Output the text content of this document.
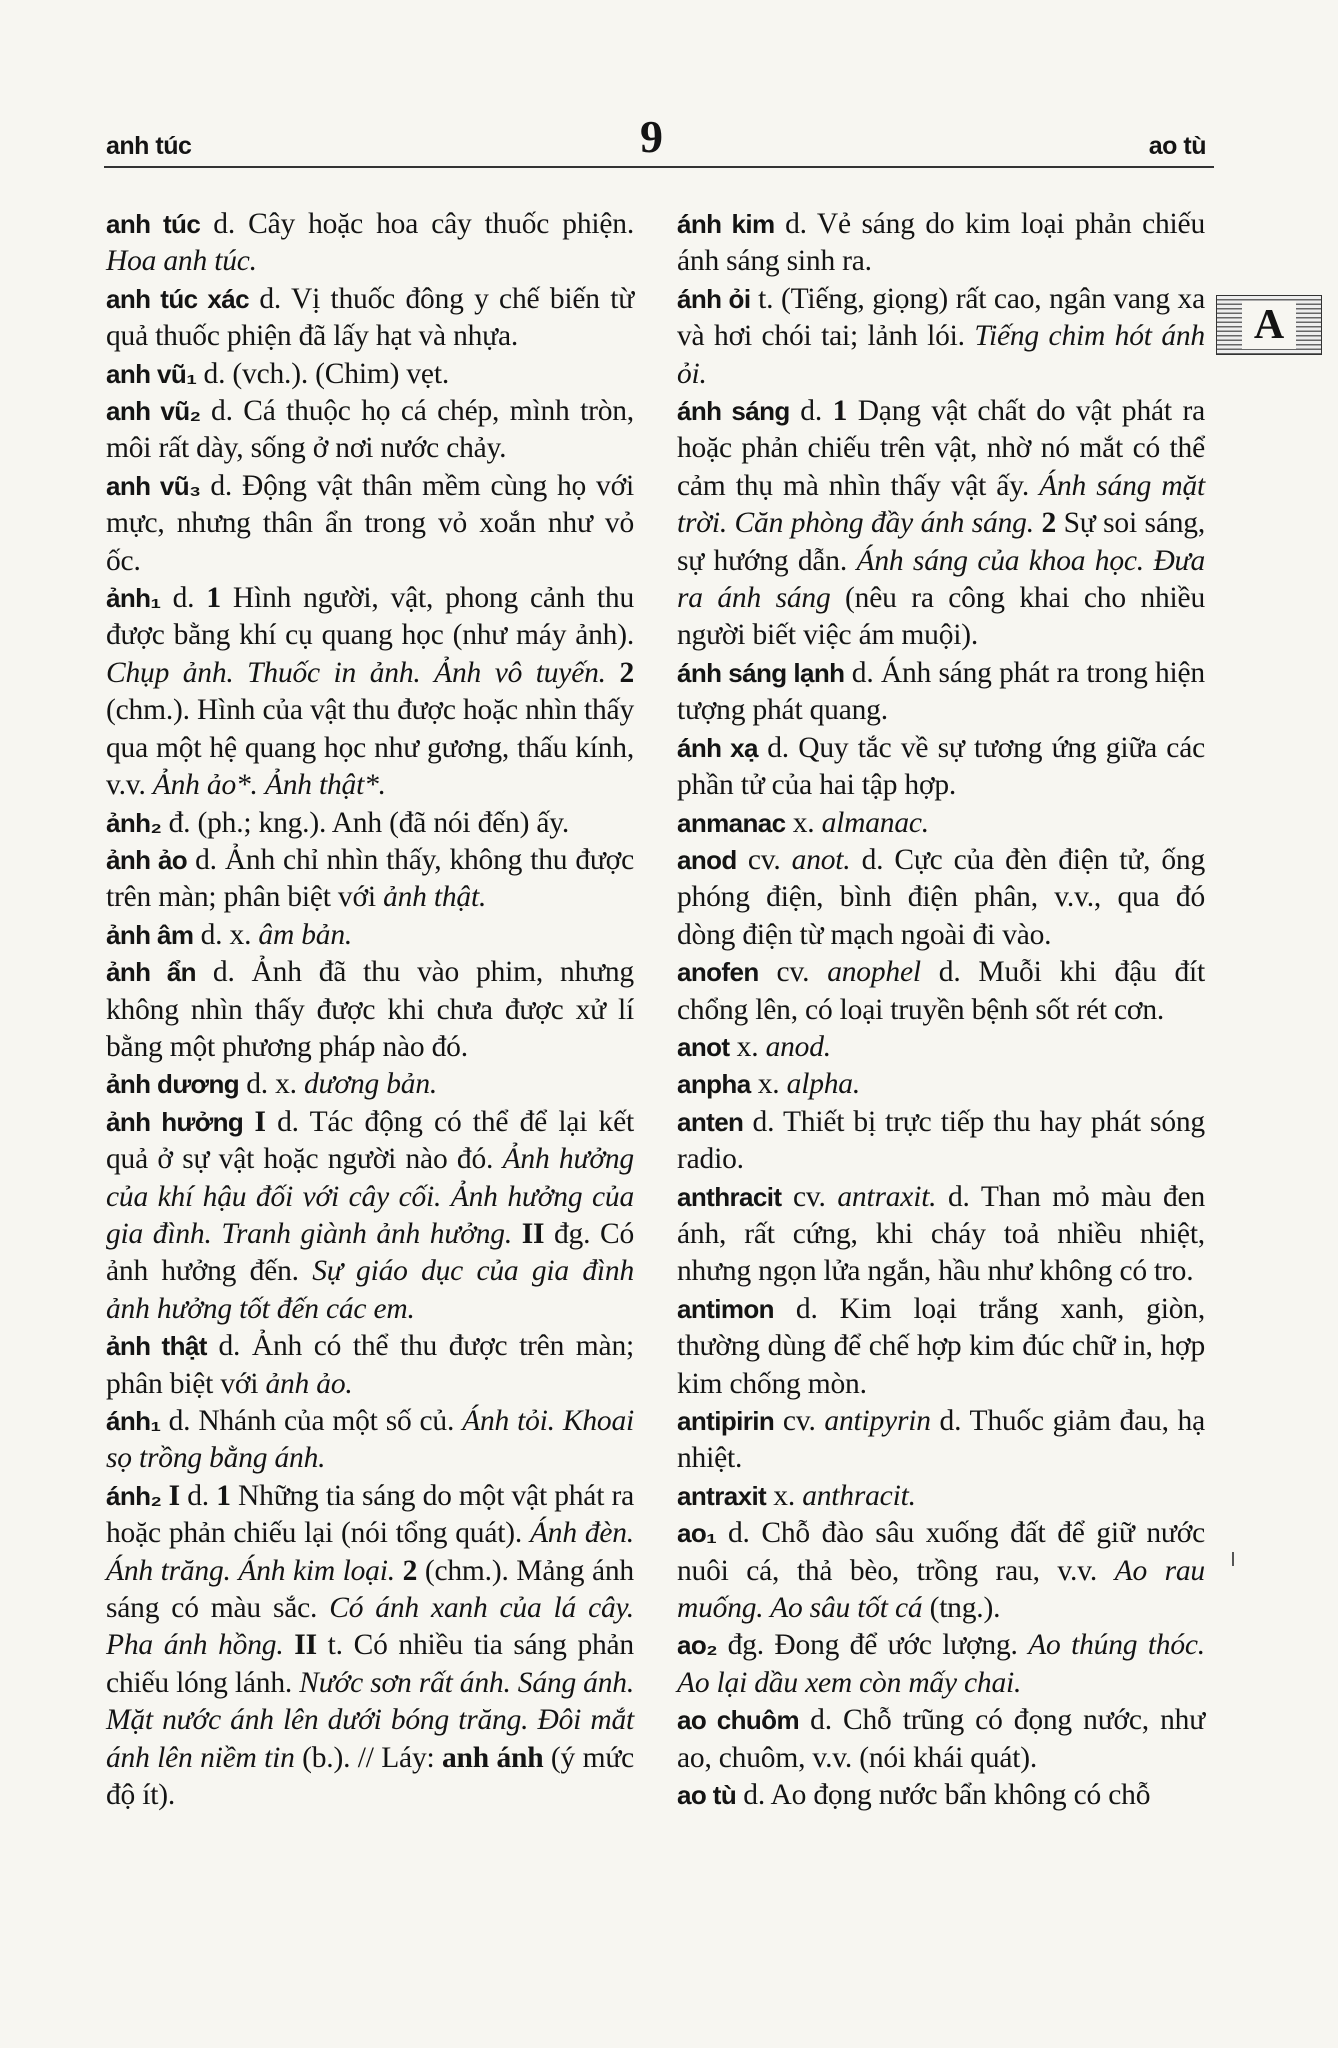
anh túc	9	ao tù

anh túc d. Cây hoặc hoa cây thuốc phiện. Hoa anh túc.

anh túc xác d. Vị thuốc đông y chế biến từ quả thuốc phiện đã lấy hạt và nhựa.

anh vũ₁ d. (vch.). (Chim) vẹt.

anh vũ₂ d. Cá thuộc họ cá chép, mình tròn, môi rất dày, sống ở nơi nước chảy.

anh vũ₃ d. Động vật thân mềm cùng họ với mực, nhưng thân ẩn trong vỏ xoắn như vỏ ốc.

ảnh₁ d. 1 Hình người, vật, phong cảnh thu được bằng khí cụ quang học (như máy ảnh). Chụp ảnh. Thuốc in ảnh. Ảnh vô tuyến. 2 (chm.). Hình của vật thu được hoặc nhìn thấy qua một hệ quang học như gương, thấu kính, v.v. Ảnh ảo*. Ảnh thật*.

ảnh₂ đ. (ph.; kng.). Anh (đã nói đến) ấy.

ảnh ảo d. Ảnh chỉ nhìn thấy, không thu được trên màn; phân biệt với ảnh thật.

ảnh âm d. x. âm bản.

ảnh ẩn d. Ảnh đã thu vào phim, nhưng không nhìn thấy được khi chưa được xử lí bằng một phương pháp nào đó.

ảnh dương d. x. dương bản.

ảnh hưởng I d. Tác động có thể để lại kết quả ở sự vật hoặc người nào đó. Ảnh hưởng của khí hậu đối với cây cối. Ảnh hưởng của gia đình. Tranh giành ảnh hưởng. II đg. Có ảnh hưởng đến. Sự giáo dục của gia đình ảnh hưởng tốt đến các em.

ảnh thật d. Ảnh có thể thu được trên màn; phân biệt với ảnh ảo.

ánh₁ d. Nhánh của một số củ. Ánh tỏi. Khoai sọ trồng bằng ánh.

ánh₂ I d. 1 Những tia sáng do một vật phát ra hoặc phản chiếu lại (nói tổng quát). Ánh đèn. Ánh trăng. Ánh kim loại. 2 (chm.). Mảng ánh sáng có màu sắc. Có ánh xanh của lá cây. Pha ánh hồng. II t. Có nhiều tia sáng phản chiếu lóng lánh. Nước sơn rất ánh. Sáng ánh. Mặt nước ánh lên dưới bóng trăng. Đôi mắt ánh lên niềm tin (b.). // Láy: anh ánh (ý mức độ ít).

ánh kim d. Vẻ sáng do kim loại phản chiếu ánh sáng sinh ra.

ánh ỏi t. (Tiếng, giọng) rất cao, ngân vang xa và hơi chói tai; lảnh lói. Tiếng chim hót ánh ỏi.

ánh sáng d. 1 Dạng vật chất do vật phát ra hoặc phản chiếu trên vật, nhờ nó mắt có thể cảm thụ mà nhìn thấy vật ấy. Ánh sáng mặt trời. Căn phòng đầy ánh sáng. 2 Sự soi sáng, sự hướng dẫn. Ánh sáng của khoa học. Đưa ra ánh sáng (nêu ra công khai cho nhiều người biết việc ám muội).

ánh sáng lạnh d. Ánh sáng phát ra trong hiện tượng phát quang.

ánh xạ d. Quy tắc về sự tương ứng giữa các phần tử của hai tập hợp.

anmanac x. almanac.

anod cv. anot. d. Cực của đèn điện tử, ống phóng điện, bình điện phân, v.v., qua đó dòng điện từ mạch ngoài đi vào.

anofen cv. anophel d. Muỗi khi đậu đít chổng lên, có loại truyền bệnh sốt rét cơn.

anot x. anod.

anpha x. alpha.

anten d. Thiết bị trực tiếp thu hay phát sóng radio.

anthracit cv. antraxit. d. Than mỏ màu đen ánh, rất cứng, khi cháy toả nhiều nhiệt, nhưng ngọn lửa ngắn, hầu như không có tro.

antimon d. Kim loại trắng xanh, giòn, thường dùng để chế hợp kim đúc chữ in, hợp kim chống mòn.

antipirin cv. antipyrin d. Thuốc giảm đau, hạ nhiệt.

antraxit x. anthracit.

ao₁ d. Chỗ đào sâu xuống đất để giữ nước nuôi cá, thả bèo, trồng rau, v.v. Ao rau muống. Ao sâu tốt cá (tng.).

ao₂ đg. Đong để ước lượng. Ao thúng thóc. Ao lại dầu xem còn mấy chai.

ao chuôm d. Chỗ trũng có đọng nước, như ao, chuôm, v.v. (nói khái quát).

ao tù d. Ao đọng nước bẩn không có chỗ

A
